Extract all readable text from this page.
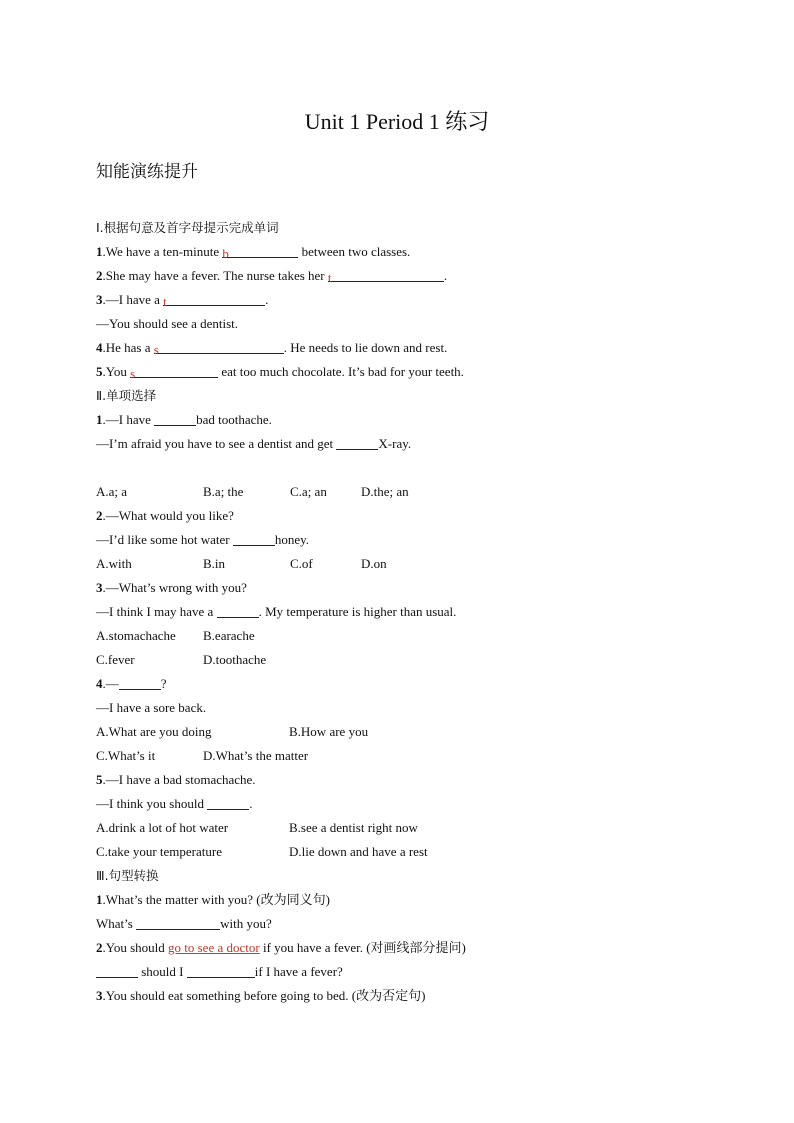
Unit 1 Period 1 练习
知能演练提升
Ⅰ.根据句意及首字母提示完成单词
1.We have a ten-minute b	between two classes.
2.She may have a fever. The nurse takes her t	.
3.—I have a t	.
—You should see a dentist.
4.He has a s	. He needs to lie down and rest.
5.You s	eat too much chocolate. It’s bad for your teeth.
Ⅱ.单项选择
1.—I have	bad toothache.
—I’m afraid you have to see a dentist and get	X-ray.
A.a; a	B.a; the	C.a; an	D.the; an
2.—What would you like?
—I’d like some hot water	honey.
A.with	B.in	C.of	D.on
3.—What’s wrong with you?
—I think I may have a	. My temperature is higher than usual.
A.stomachache B.earache
C.fever	D.toothache
4.—	?
—I have a sore back.
A.What are you doing	B.How are you
C.What’s it	D.What’s the matter
5.—I have a bad stomachache.
—I think you should	.
A.drink a lot of hot water	B.see a dentist right now
C.take your temperature	D.lie down and have a rest
Ⅲ.句型转换
1.What’s the matter with you? (改为同义句)
What’s	with you?
2.You should go to see a doctor if you have a fever. (对画线部分提问)
should I	if I have a fever?
3.You should eat something before going to bed. (改为否定句)
